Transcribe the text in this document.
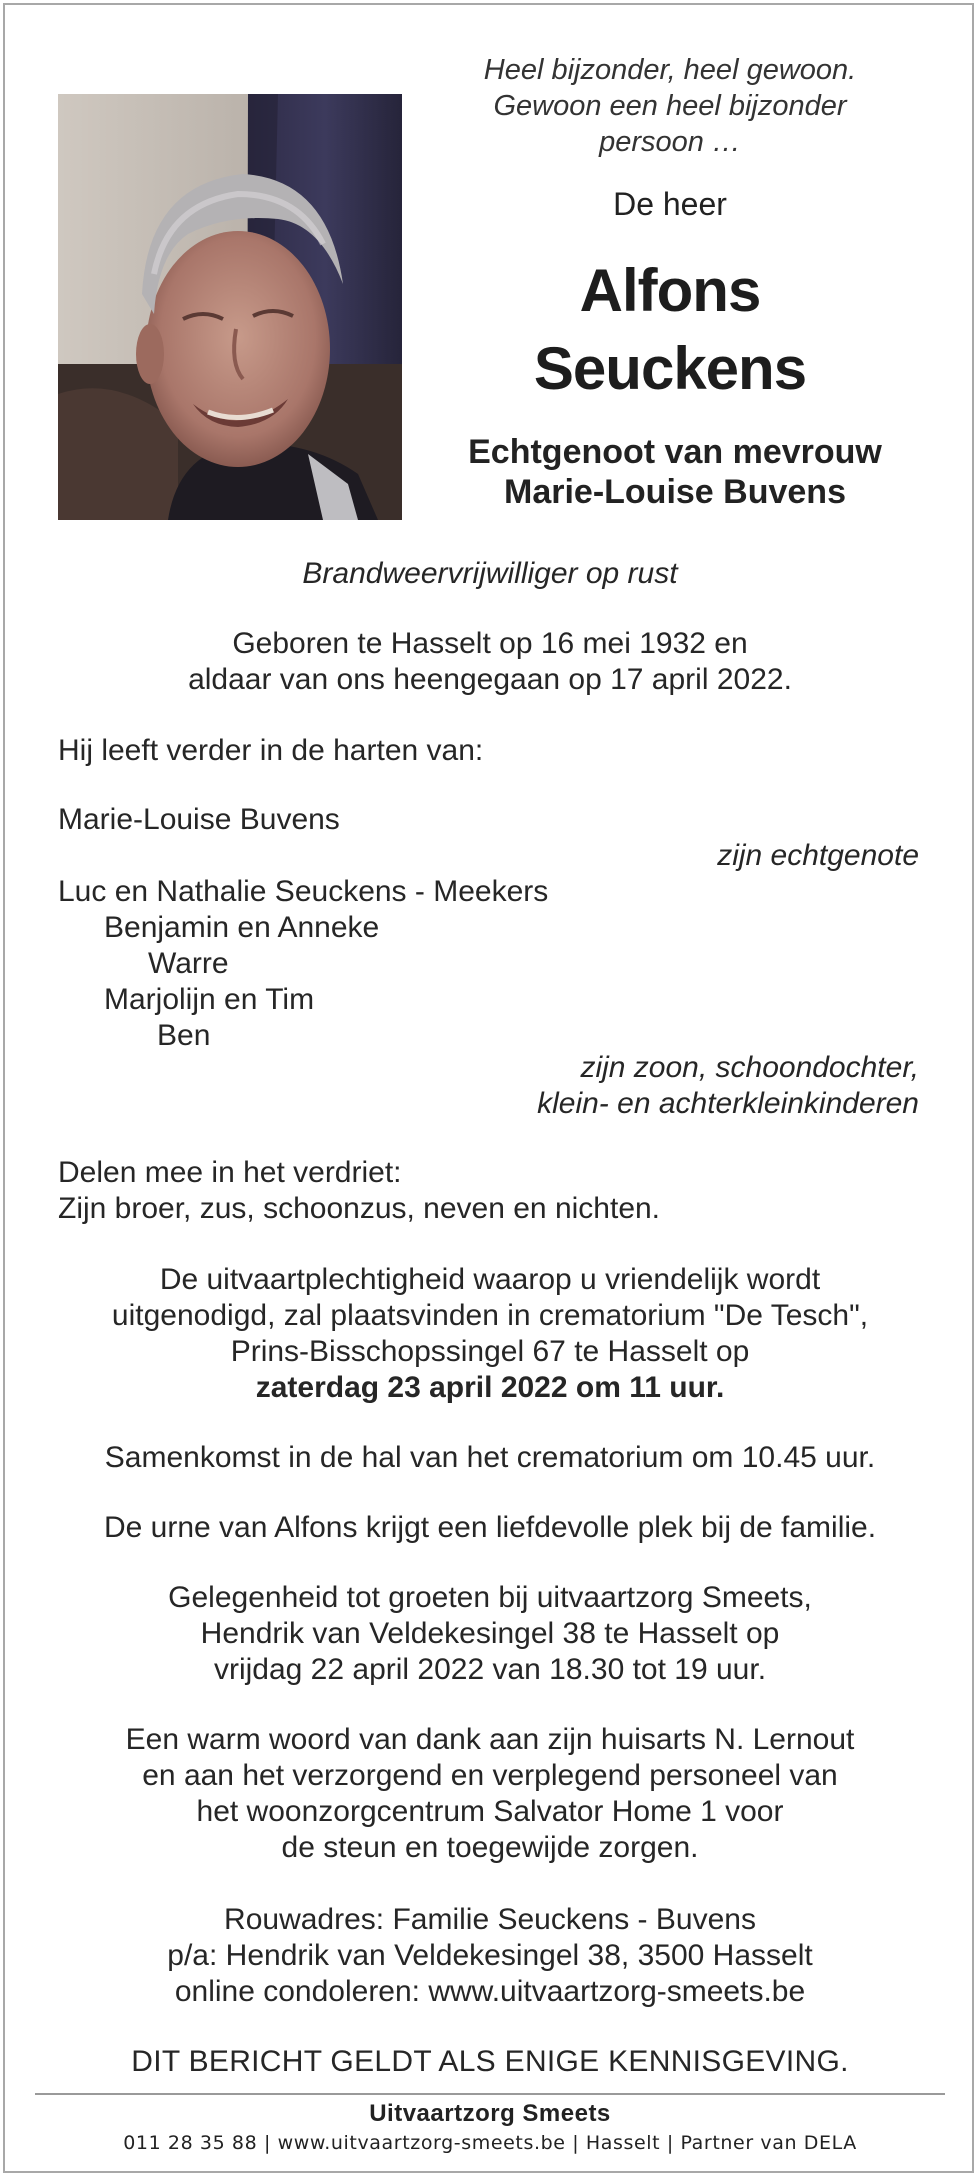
Heel bijzonder, heel gewoon.
Gewoon een heel bijzonder
persoon …
De heer
Alfons
Seuckens
Echtgenoot van mevrouw
Marie-Louise Buvens
Brandweervrijwilliger op rust
Geboren te Hasselt op 16 mei 1932 en
aldaar van ons heengegaan op 17 april 2022.
Hij leeft verder in de harten van:
Marie-Louise Buvens
zijn echtgenote
Luc en Nathalie Seuckens - Meekers
Benjamin en Anneke
Warre
Marjolijn en Tim
Ben
zijn zoon, schoondochter,
klein- en achterkleinkinderen
Delen mee in het verdriet:
Zijn broer, zus, schoonzus, neven en nichten.
De uitvaartplechtigheid waarop u vriendelijk wordt
uitgenodigd, zal plaatsvinden in crematorium "De Tesch",
Prins-Bisschopssingel 67 te Hasselt op
zaterdag 23 april 2022 om 11 uur.
Samenkomst in de hal van het crematorium om 10.45 uur.
De urne van Alfons krijgt een liefdevolle plek bij de familie.
Gelegenheid tot groeten bij uitvaartzorg Smeets,
Hendrik van Veldekesingel 38 te Hasselt op
vrijdag 22 april 2022 van 18.30 tot 19 uur.
Een warm woord van dank aan zijn huisarts N. Lernout
en aan het verzorgend en verplegend personeel van
het woonzorgcentrum Salvator Home 1 voor
de steun en toegewijde zorgen.
Rouwadres: Familie Seuckens - Buvens
p/a: Hendrik van Veldekesingel 38, 3500 Hasselt
online condoleren: www.uitvaartzorg-smeets.be
DIT BERICHT GELDT ALS ENIGE KENNISGEVING.
Uitvaartzorg Smeets
011 28 35 88 | www.uitvaartzorg-smeets.be | Hasselt | Partner van DELA
